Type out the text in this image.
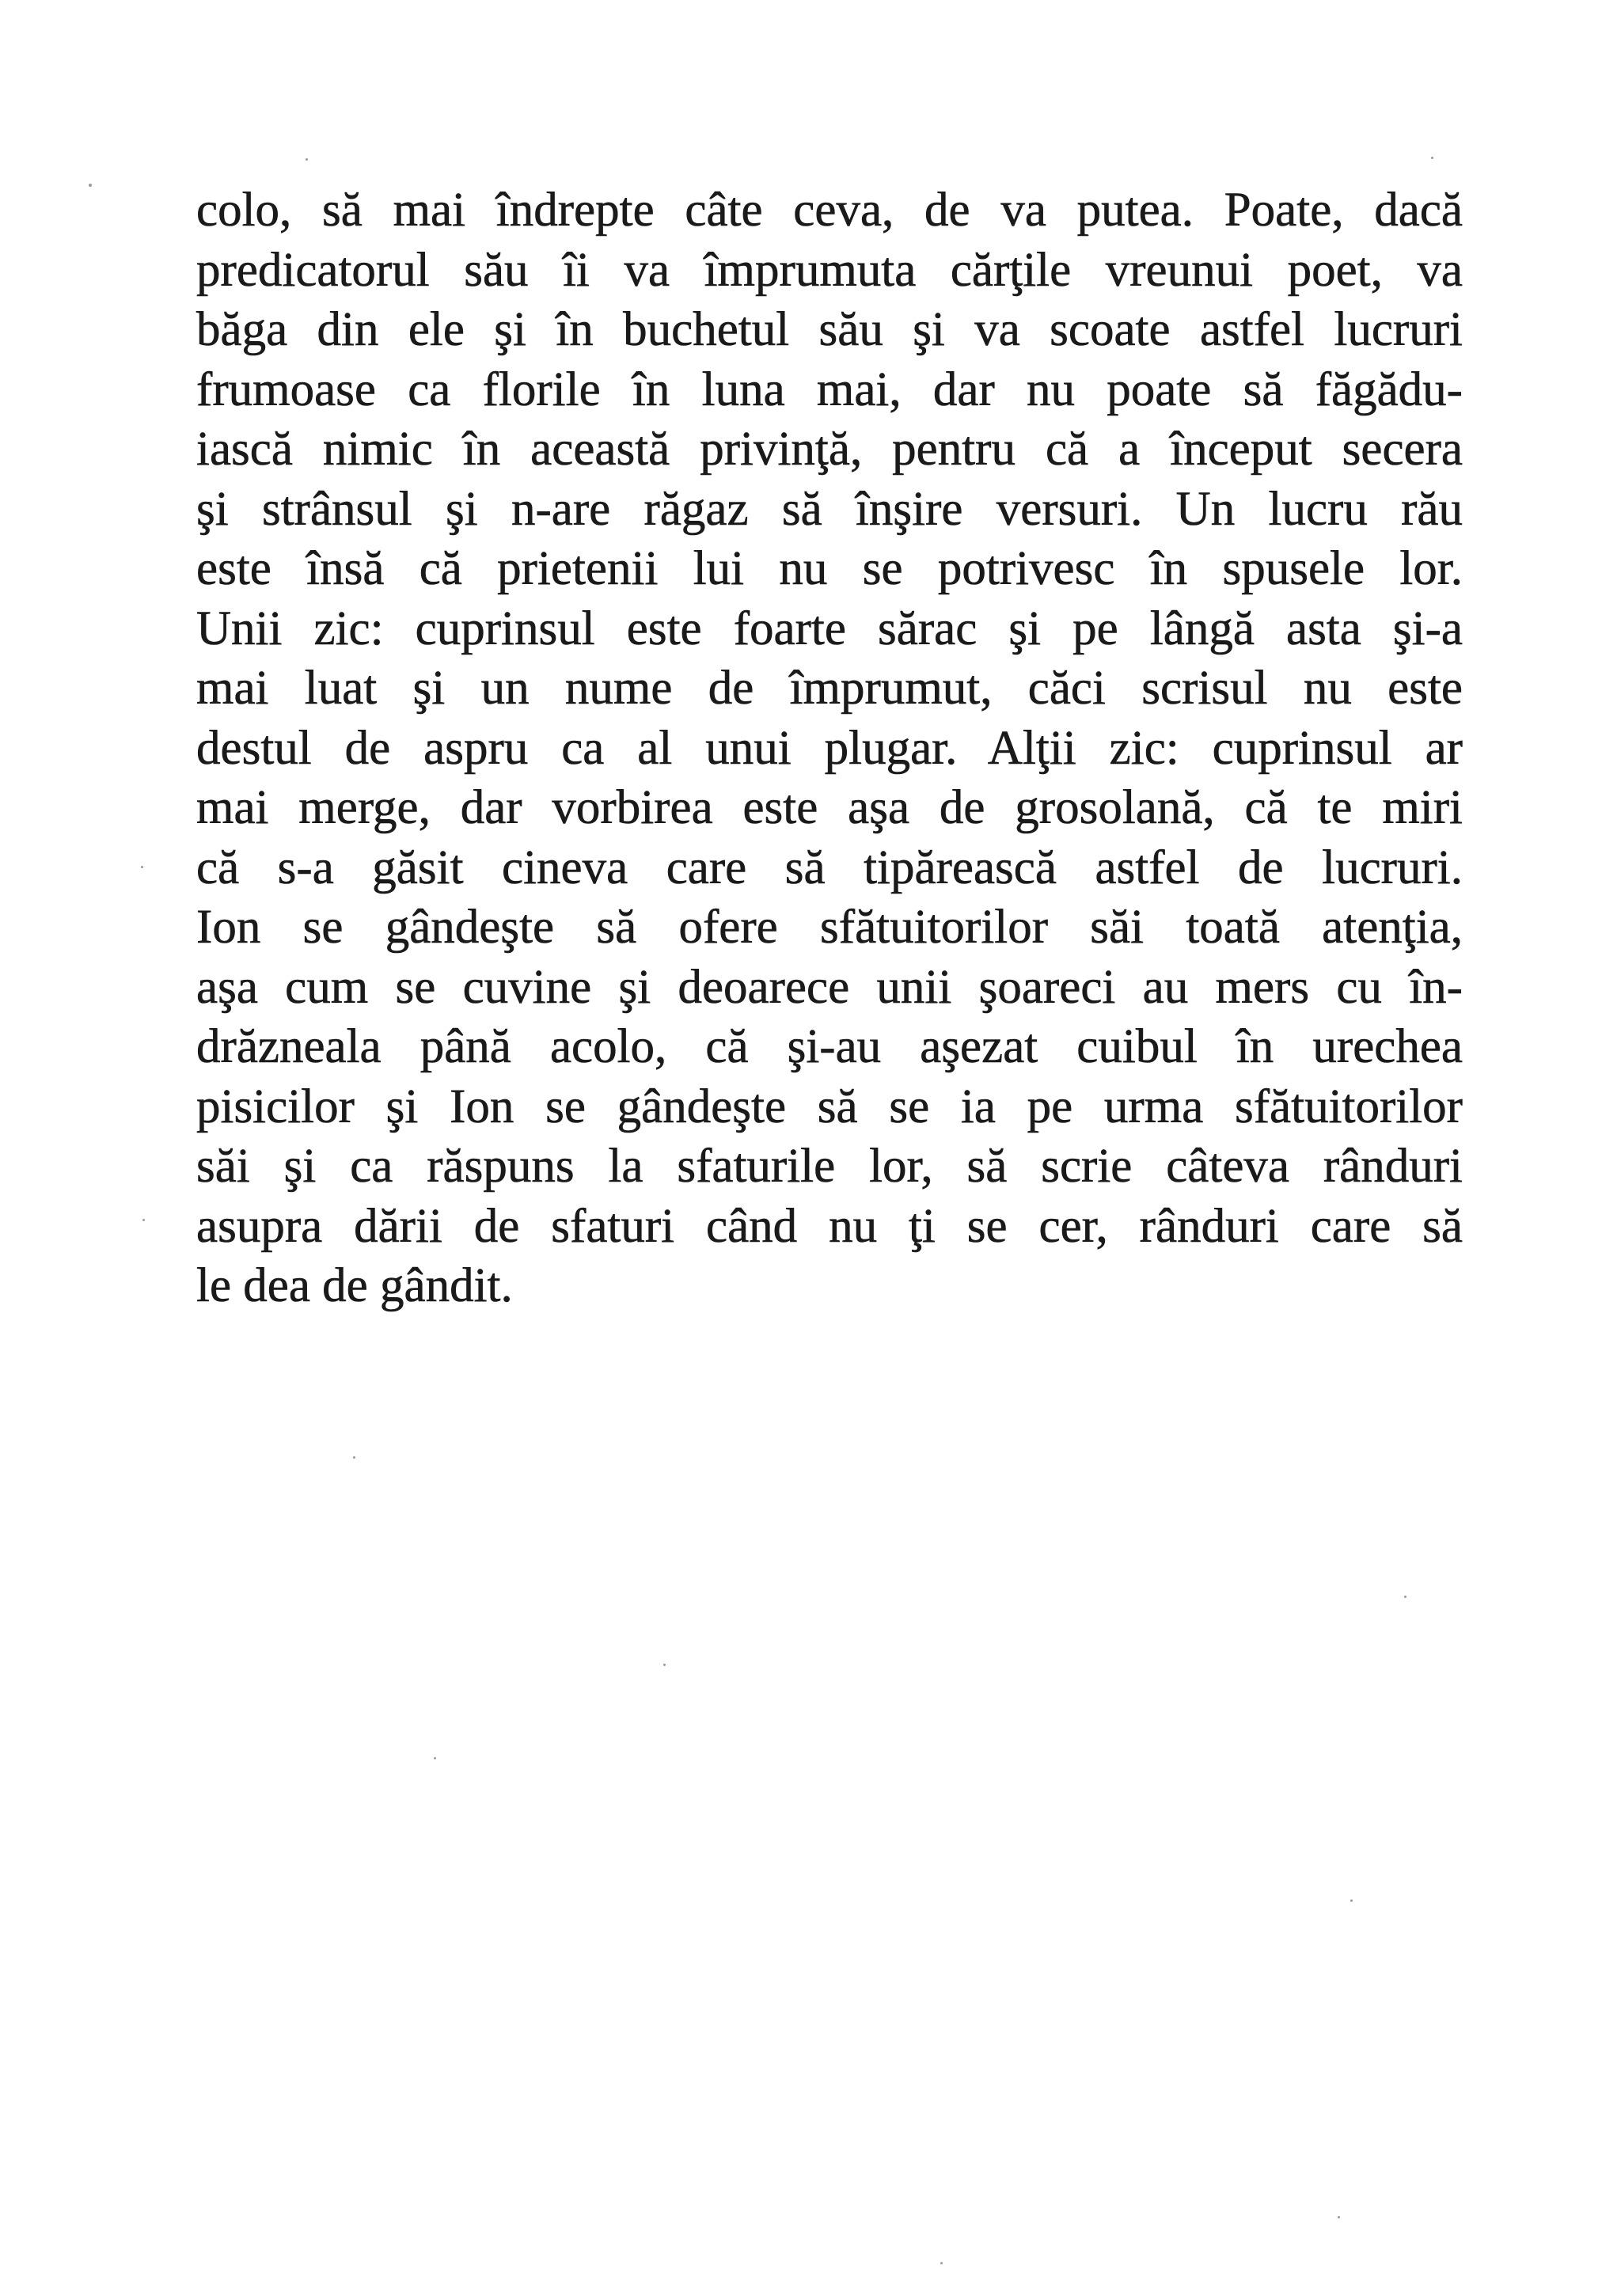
colo, să mai îndrepte câte ceva, de va putea. Poate, dacă
predicatorul său îi va împrumuta cărţile vreunui poet, va
băga din ele şi în buchetul său şi va scoate astfel lucruri
frumoase ca florile în luna mai, dar nu poate să făgădu-
iască nimic în această privinţă, pentru că a început secera
şi strânsul şi n-are răgaz să înşire versuri. Un lucru rău
este însă că prietenii lui nu se potrivesc în spusele lor.
Unii zic: cuprinsul este foarte sărac şi pe lângă asta şi-a
mai luat şi un nume de împrumut, căci scrisul nu este
destul de aspru ca al unui plugar. Alţii zic: cuprinsul ar
mai merge, dar vorbirea este aşa de grosolană, că te miri
că s-a găsit cineva care să tipărească astfel de lucruri.
Ion se gândeşte să ofere sfătuitorilor săi toată atenţia,
aşa cum se cuvine şi deoarece unii şoareci au mers cu în-
drăzneala până acolo, că şi-au aşezat cuibul în urechea
pisicilor şi Ion se gândeşte să se ia pe urma sfătuitorilor
săi şi ca răspuns la sfaturile lor, să scrie câteva rânduri
asupra dării de sfaturi când nu ţi se cer, rânduri care să
le dea de gândit.
